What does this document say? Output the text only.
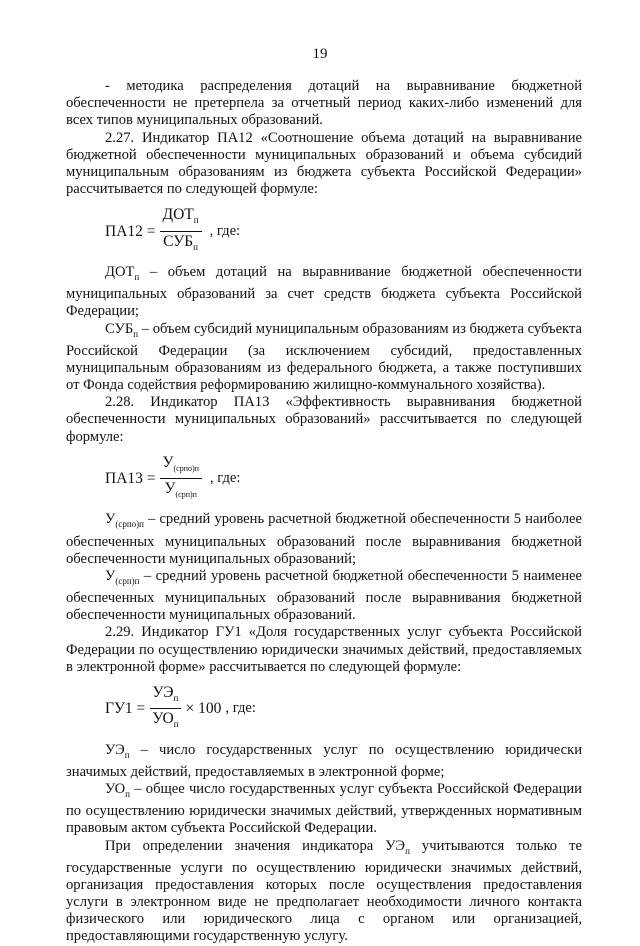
19

- методика распределения дотаций на выравнивание бюджетной обеспеченности не претерпела за отчетный период каких-либо изменений для всех типов муниципальных образований.

2.27. Индикатор ПА12 «Соотношение объема дотаций на выравнивание бюджетной обеспеченности муниципальных образований и объема субсидий муниципальным образованиям из бюджета субъекта Российской Федерации» рассчитывается по следующей формуле:

$ПА12 = \frac{ДОТ_п}{СУБ_п}$ , где:

$ДОТ_п$ – объем дотаций на выравнивание бюджетной обеспеченности муниципальных образований за счет средств бюджета субъекта Российской Федерации;

$СУБ_п$ – объем субсидий муниципальным образованиям из бюджета субъекта Российской Федерации (за исключением субсидий, предоставленных муниципальным образованиям из федерального бюджета, а также поступивших от Фонда содействия реформированию жилищно-коммунального хозяйства).

2.28. Индикатор ПА13 «Эффективность выравнивания бюджетной обеспеченности муниципальных образований» рассчитывается по следующей формуле:

$ПА13 = \frac{У_{(српо)п}}{У_{(срп)п}}$ , где:

$У_{(српо)п}$ – средний уровень расчетной бюджетной обеспеченности 5 наиболее обеспеченных муниципальных образований после выравнивания бюджетной обеспеченности муниципальных образований;

$У_{(срп)п}$ – средний уровень расчетной бюджетной обеспеченности 5 наименее обеспеченных муниципальных образований после выравнивания бюджетной обеспеченности муниципальных образований.

2.29. Индикатор ГУ1 «Доля государственных услуг субъекта Российской Федерации по осуществлению юридически значимых действий, предоставляемых в электронной форме» рассчитывается по следующей формуле:

$ГУ1 = \frac{УЭ_п}{УО_п} \times 100$ , где:

$УЭ_п$ – число государственных услуг по осуществлению юридически значимых действий, предоставляемых в электронной форме;

$УО_п$ – общее число государственных услуг субъекта Российской Федерации по осуществлению юридически значимых действий, утвержденных нормативным правовым актом субъекта Российской Федерации.

При определении значения индикатора $УЭ_п$ учитываются только те государственные услуги по осуществлению юридически значимых действий, организация предоставления которых после осуществления предоставления услуги в электронном виде не предполагает необходимости личного контакта физического или юридического лица с органом или организацией, предоставляющими государственную услугу.
